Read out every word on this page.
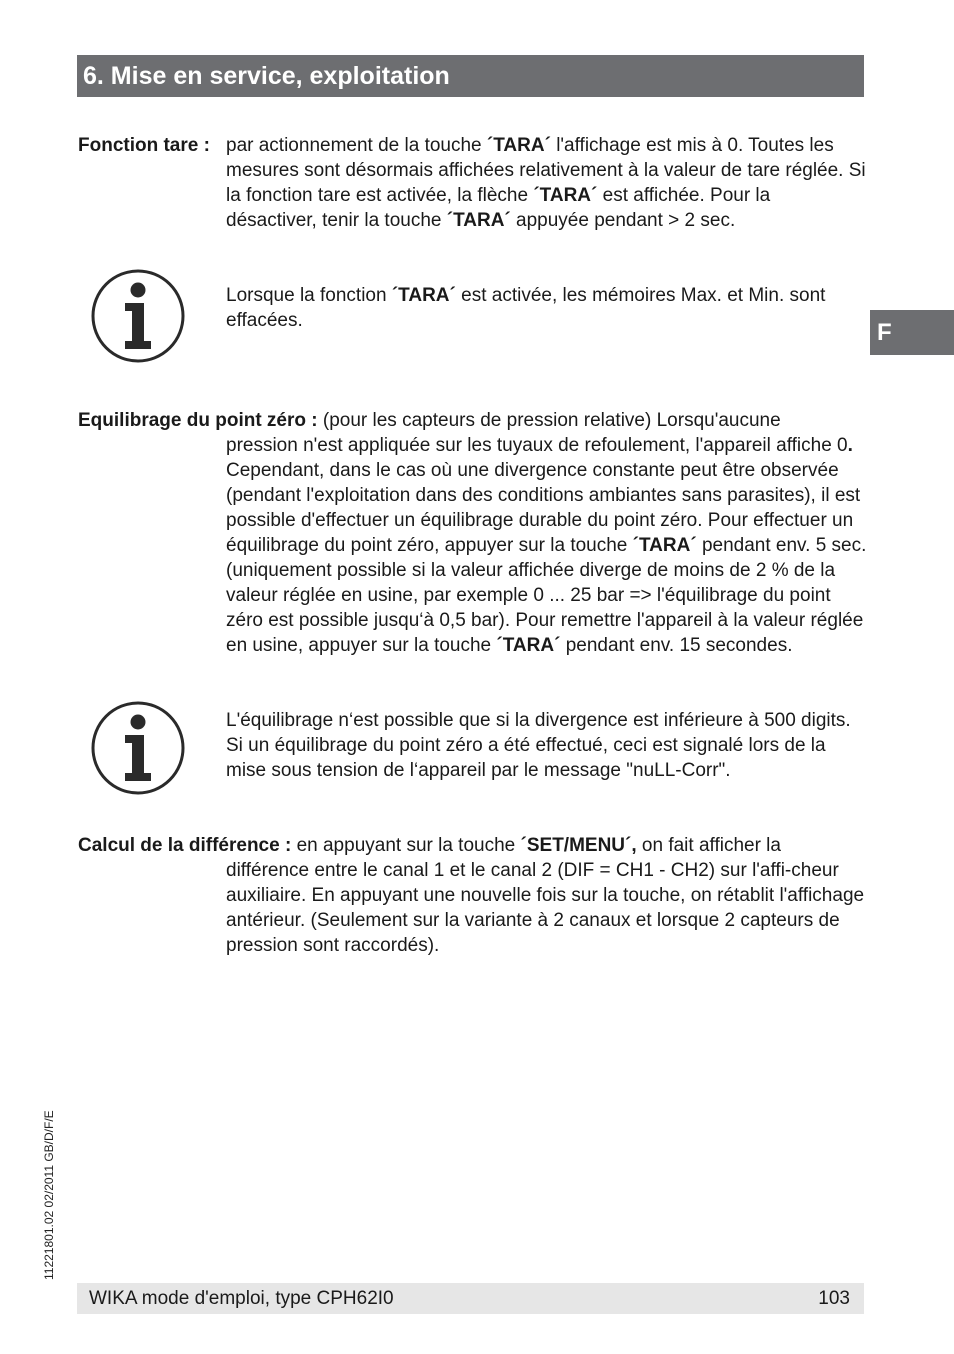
6. Mise en service, exploitation
F
Fonction tare : par actionnement de la touche ´TARA´ l'affichage est mis à 0. Toutes les mesures sont désormais affichées relativement à la valeur de tare réglée. Si la fonction tare est activée, la flèche ´TARA´ est affichée. Pour la désactiver, tenir la touche ´TARA´ appuyée pendant > 2 sec.

Lorsque la fonction ´TARA´ est activée, les mémoires Max. et Min. sont effacées.

Equilibrage du point zéro : (pour les capteurs de pression relative) Lorsqu'aucune
pression n'est appliquée sur les tuyaux de refoulement, l'appareil affiche 0. Cependant, dans le cas où une divergence constante peut être observée (pendant l'exploitation dans des conditions ambiantes sans parasites), il est possible d'effectuer un équilibrage durable du point zéro. Pour effectuer un équilibrage du point zéro, appuyer sur la touche ´TARA´ pendant env. 5 sec. (uniquement possible si la valeur affichée diverge de moins de 2 % de la valeur réglée en usine, par exemple 0 ... 25 bar => l'équilibrage du point zéro est possible jusqu‘à 0,5 bar). Pour remettre l'appareil à la valeur réglée en usine, appuyer sur la touche ´TARA´ pendant env. 15 secondes.

L'équilibrage n‘est possible que si la divergence est inférieure à 500 digits. Si un équilibrage du point zéro a été effectué, ceci est signalé lors de la mise sous tension de l‘appareil par le message "nuLL-Corr".

Calcul de la différence : en appuyant sur la touche ´SET/MENU´, on fait afficher la
différence entre le canal 1 et le canal 2 (DIF = CH1 - CH2) sur l'affi-cheur auxiliaire. En appuyant une nouvelle fois sur la touche, on rétablit l'affichage antérieur. (Seulement sur la variante à 2 canaux et lorsque 2 capteurs de pression sont raccordés).

11221801.02 02/2011 GB/D/F/E
WIKA mode d'emploi, type CPH62I0	103
